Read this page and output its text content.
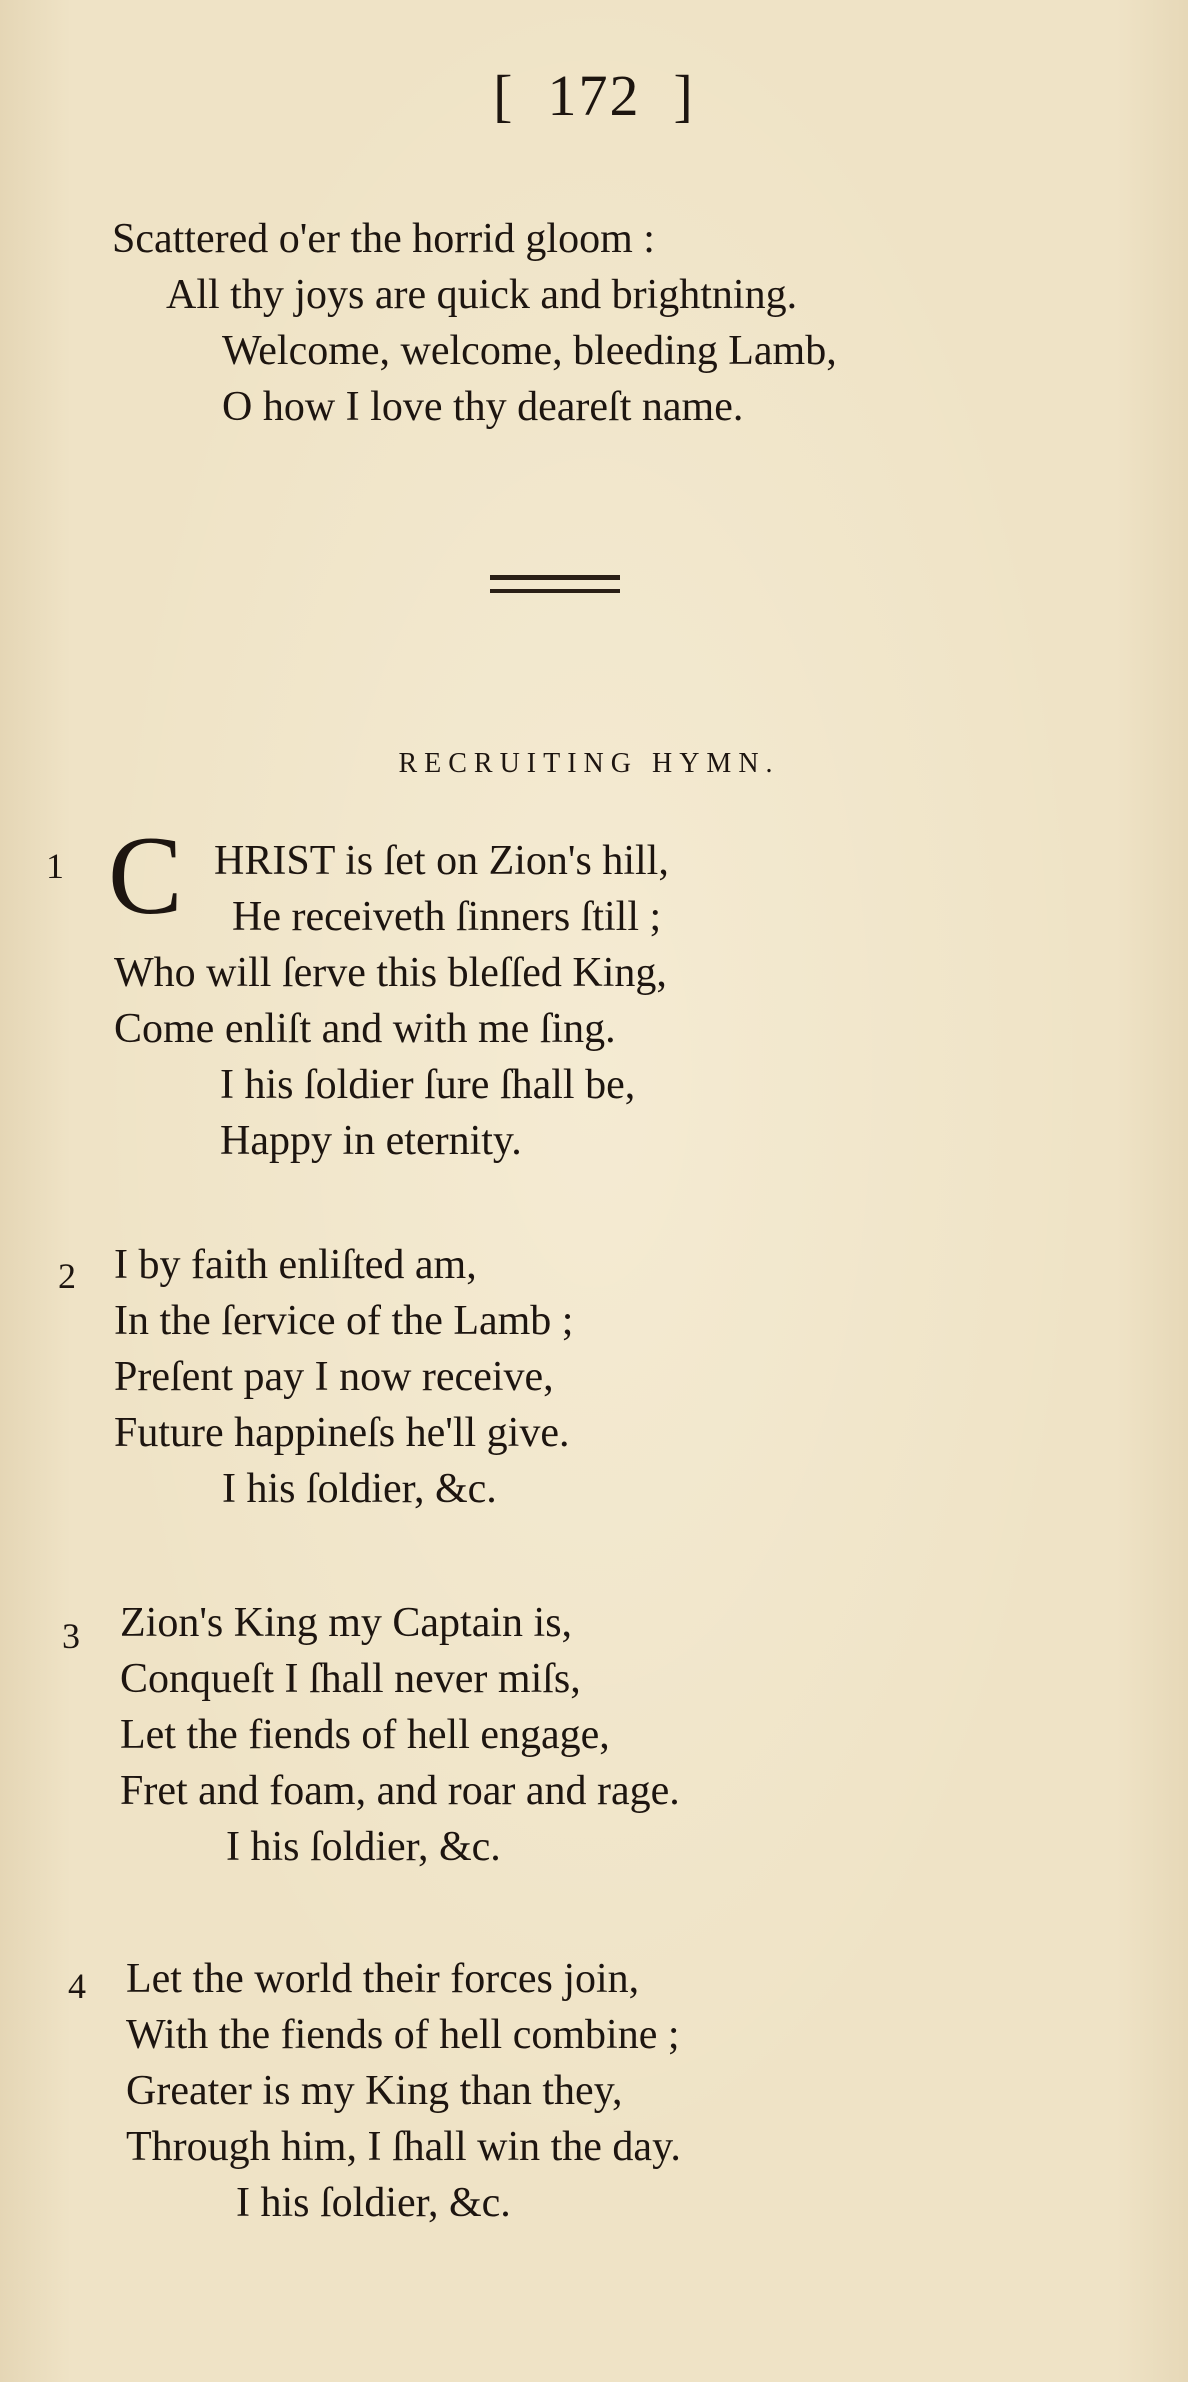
[  172  ]
Scattered o'er the horrid gloom :
All thy joys are quick and brightning.
Welcome, welcome, bleeding Lamb,
O how I love thy deareſt name.
RECRUITING HYMN.
1 C HRIST is ſet on Zion's hill,
He receiveth ſinners ſtill ;
Who will ſerve this bleſſed King,
Come enliſt and with me ſing.
I his ſoldier ſure ſhall be,
Happy in eternity.
2 I by faith enliſted am,
In the ſervice of the Lamb ;
Preſent pay I now receive,
Future happineſs he'll give.
I his ſoldier, &c.
3 Zion's King my Captain is,
Conqueſt I ſhall never miſs,
Let the fiends of hell engage,
Fret and foam, and roar and rage.
I his ſoldier, &c.
4 Let the world their forces join,
With the fiends of hell combine ;
Greater is my King than they,
Through him, I ſhall win the day.
I his ſoldier, &c.
